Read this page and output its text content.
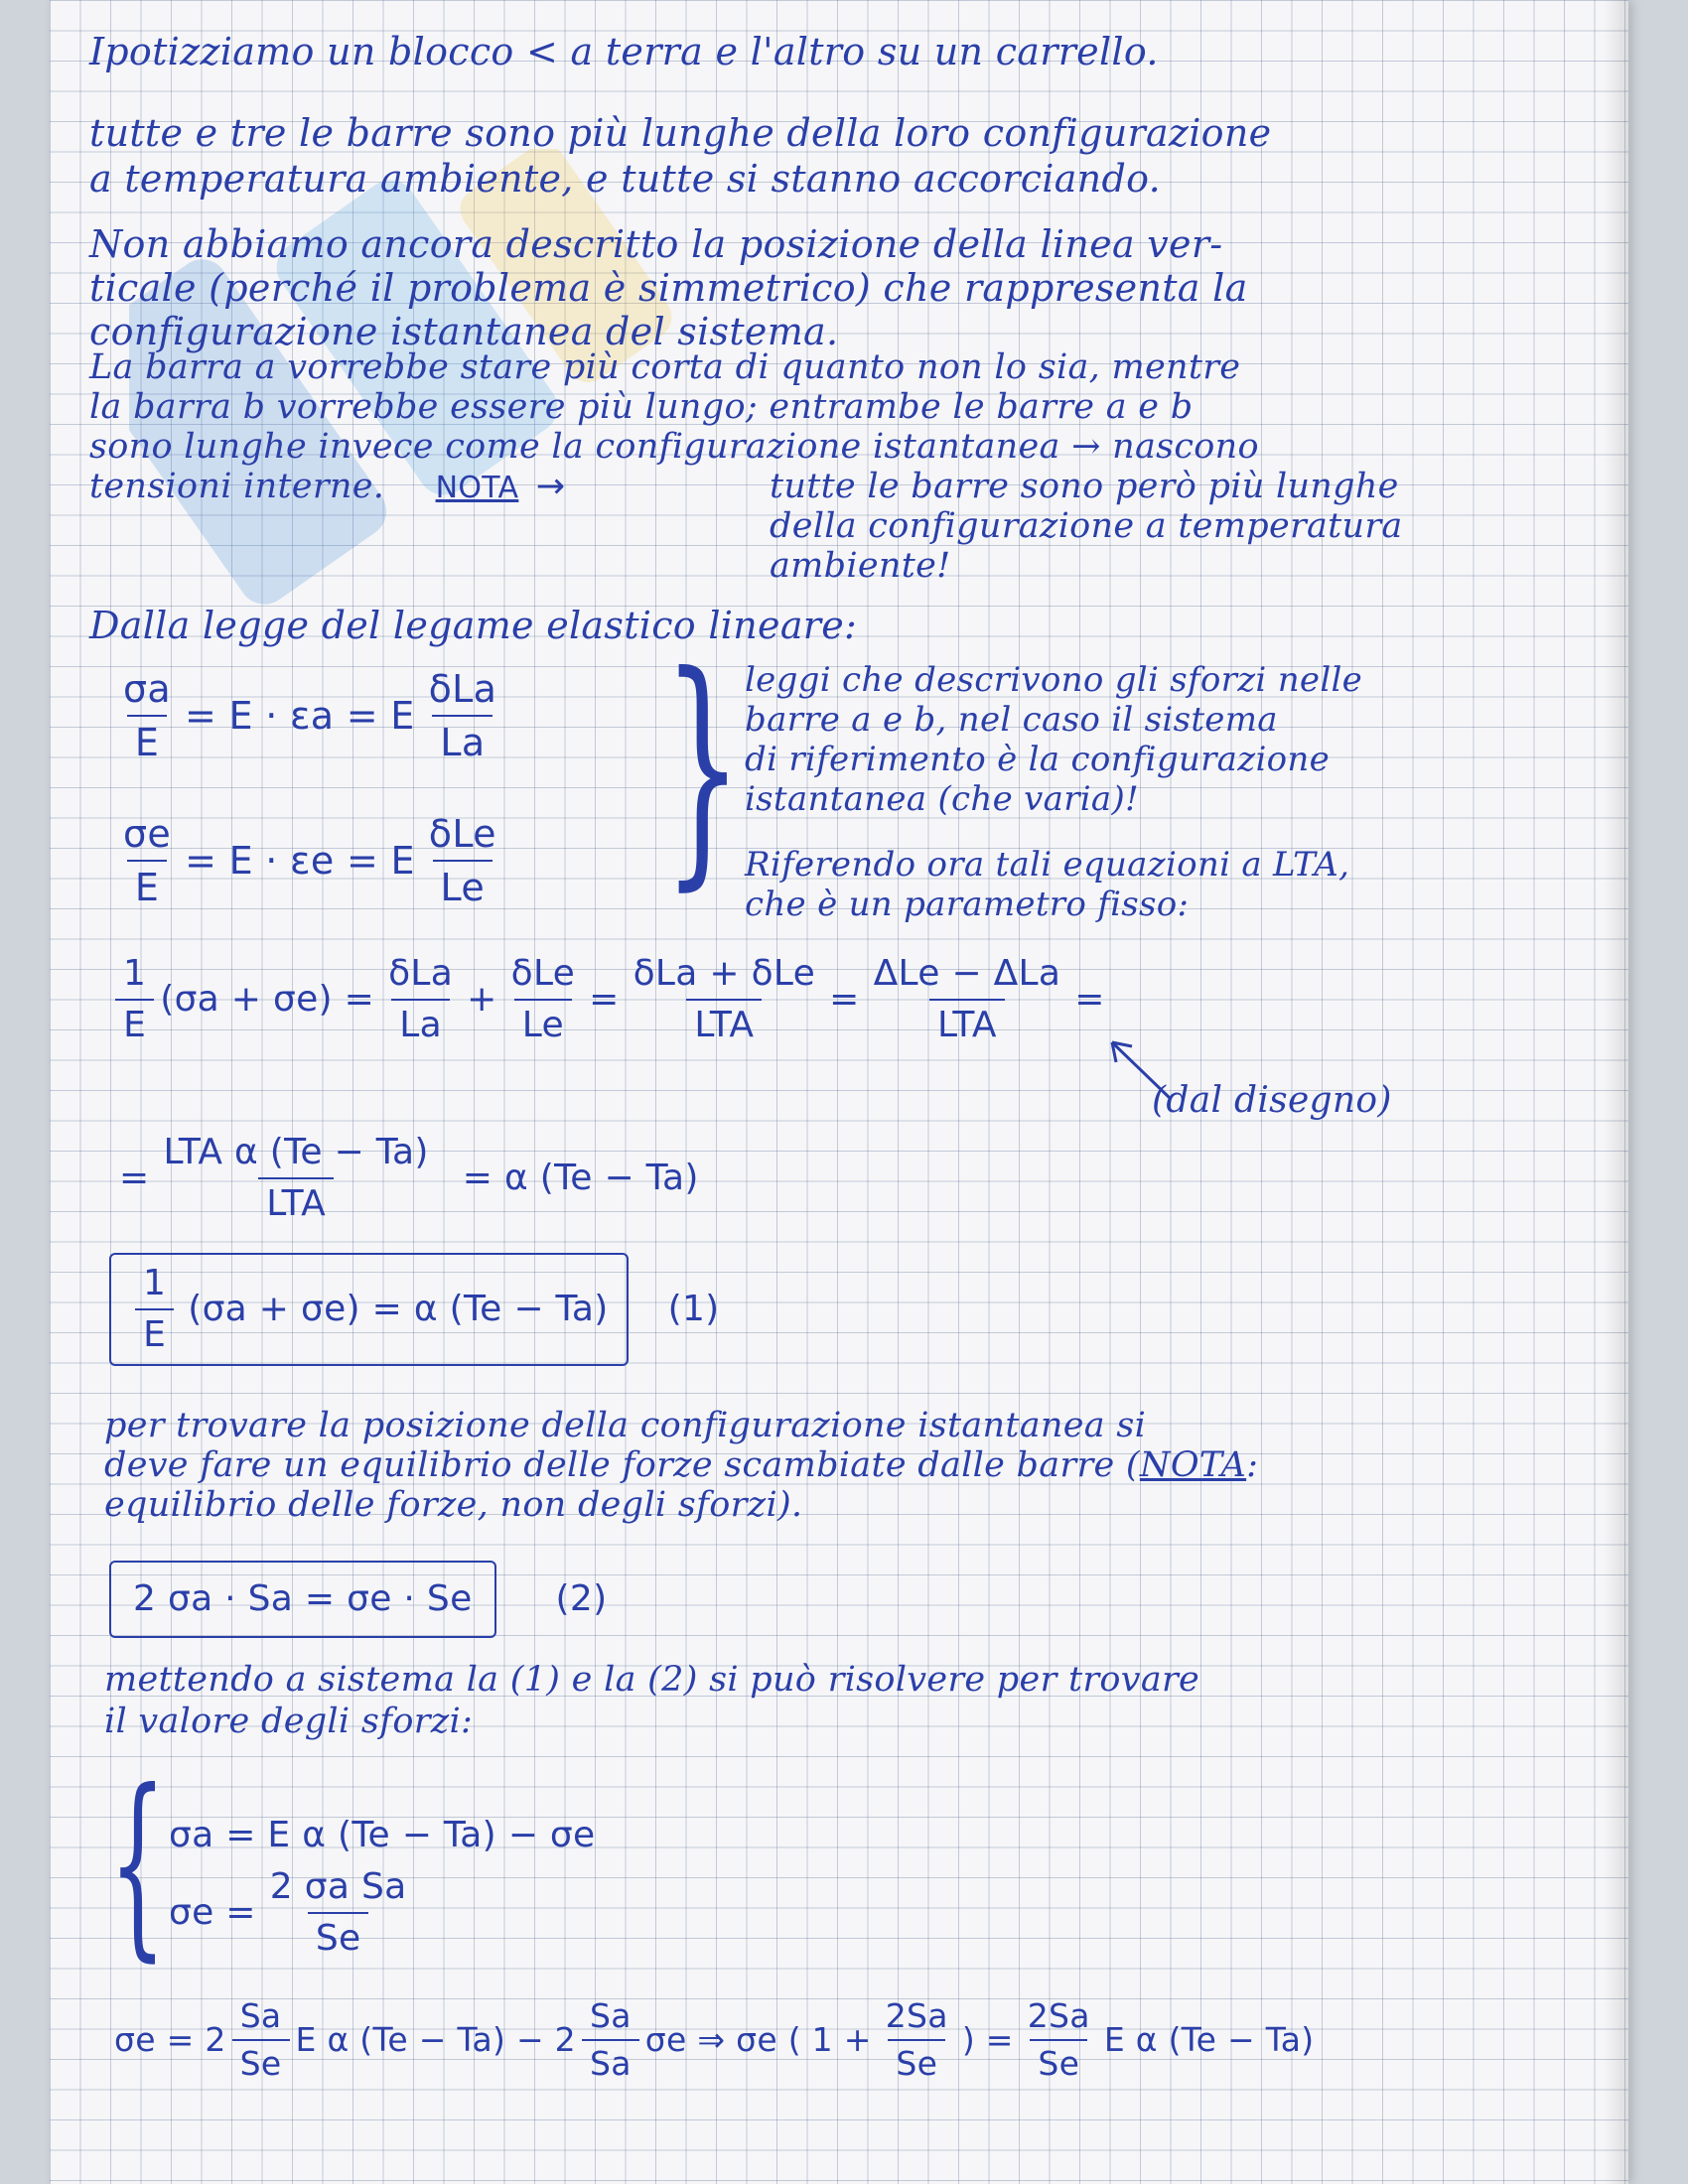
Ipotizziamo un blocco < a terra e l'altro su un carrello.
tutte e tre le barre sono più lunghe della loro configurazione
a temperatura ambiente, e tutte si stanno accorciando.
Non abbiamo ancora descritto la posizione della linea ver-
ticale (perché il problema è simmetrico) che rappresenta la
configurazione istantanea del sistema.
La barra a vorrebbe stare più corta di quanto non lo sia, mentre
la barra b vorrebbe essere più lungo; entrambe le barre a e b
sono lunghe invece come la configurazione istantanea → nascono
tensioni interne. NOTA →	tutte le barre sono però più lunghe
della configurazione a temperatura
ambiente!
Dalla legge del legame elastico lineare:
$\frac{\sigma a}{E} = E \cdot \varepsilon a = E \frac{\text{δLa}}{La}$
$\frac{\sigma e}{E} = E \cdot \varepsilon e = E \frac{\text{δLe}}{Le}$ } leggi che descrivono gli sforzi nelle
barre a e b, nel caso il sistema
di riferimento è la configurazione
istantanea (che varia)!
Riferendo ora tali equazioni a LTA,
che è un parametro fisso:
$\frac{1}{E} (\sigma a + \sigma e) = \frac{\text{δLa}}{La} + \frac{\text{δLe}}{Le} = \frac{\text{δLa + δLe}}{\text{LTA}} = \frac{\text{ΔLe − ΔLa}}{\text{LTA}}$ =
(dal disegno)
= $\frac{\text{LTA α (Te − Ta)}}{\text{LTA}} = \alpha$ (Te − Ta)
$\frac{1}{E} (\sigma a + \sigma e) = \alpha$ (Te − Ta) (1)
per trovare la posizione della configurazione istantanea si
deve fare un equilibrio delle forze scambiate dalle barre (NOTA:
equilibrio delle forze, non degli sforzi).
2 σa · Sa = σe · Se	(2)
mettendo a sistema la (1) e la (2) si può risolvere per trovare
il valore degli sforzi:
{ σa = E α (Te − Ta) − σe
$\sigma e = \frac{\text{2 σa Sa}}{Se}$
$\sigma e = 2 \frac{Sa}{Se}$ E α $(Te - Ta) - 2 \frac{Sa}{Sa}$ σe ⇒ σe ( $1 + \frac{2Sa}{Se}$ ) = $\frac{2Sa}{Se}$ E α (Te − Ta)
